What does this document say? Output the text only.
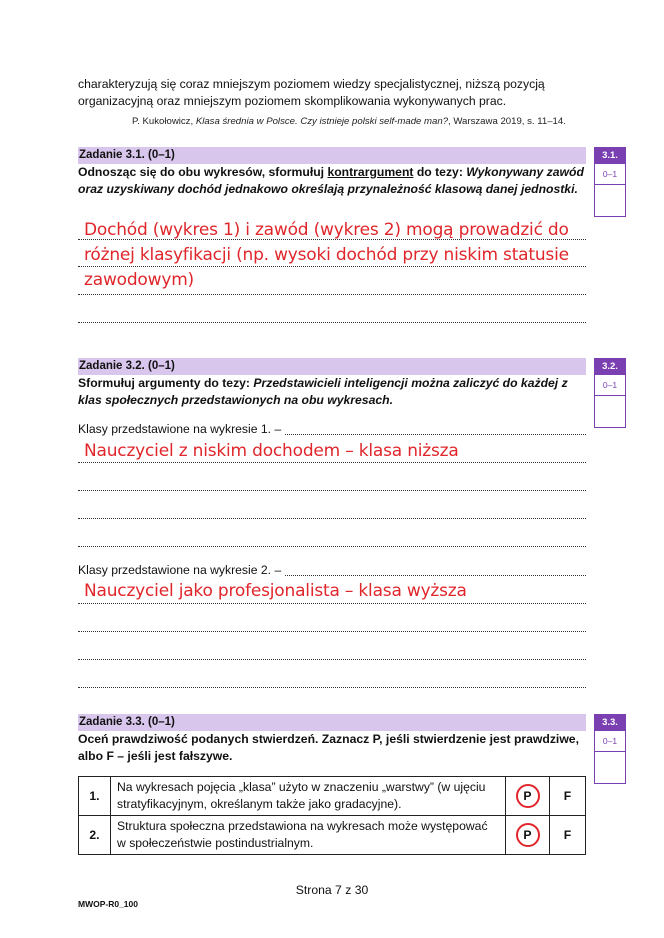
charakteryzują się coraz mniejszym poziomem wiedzy specjalistycznej, niższą pozycją
organizacyjną oraz mniejszym poziomem skomplikowania wykonywanych prac.
P. Kukołowicz, Klasa średnia w Polsce. Czy istnieje polski self-made man?, Warszawa 2019, s. 11–14.
Zadanie 3.1. (0–1)	3.1.
0–1
Odnosząc się do obu wykresów, sformułuj kontrargument do tezy: Wykonywany zawód oraz uzyskiwany dochód jednakowo określają przynależność klasową danej jednostki.
Dochód (wykres 1) i zawód (wykres 2) mogą prowadzić do różnej klasyfikacji (np. wysoki dochód przy niskim statusie zawodowym)
Zadanie 3.2. (0–1)	3.2.
0–1
Sformułuj argumenty do tezy: Przedstawicieli inteligencji można zaliczyć do każdej z klas społecznych przedstawionych na obu wykresach.
Klasy przedstawione na wykresie 1. –
Nauczyciel z niskim dochodem – klasa niższa
Klasy przedstawione na wykresie 2. –
Nauczyciel jako profesjonalista – klasa wyższa
Zadanie 3.3. (0–1)	3.3.
0–1
Oceń prawdziwość podanych stwierdzeń. Zaznacz P, jeśli stwierdzenie jest prawdziwe, albo F – jeśli jest fałszywe.
1.	Na wykresach pojęcia „klasa” użyto w znaczeniu „warstwy” (w ujęciu stratyfikacyjnym, określanym także jako gradacyjne).	P	F
2.	Struktura społeczna przedstawiona na wykresach może występować w społeczeństwie postindustrialnym.	P	F
Strona 7 z 30
MWOP-R0_100
